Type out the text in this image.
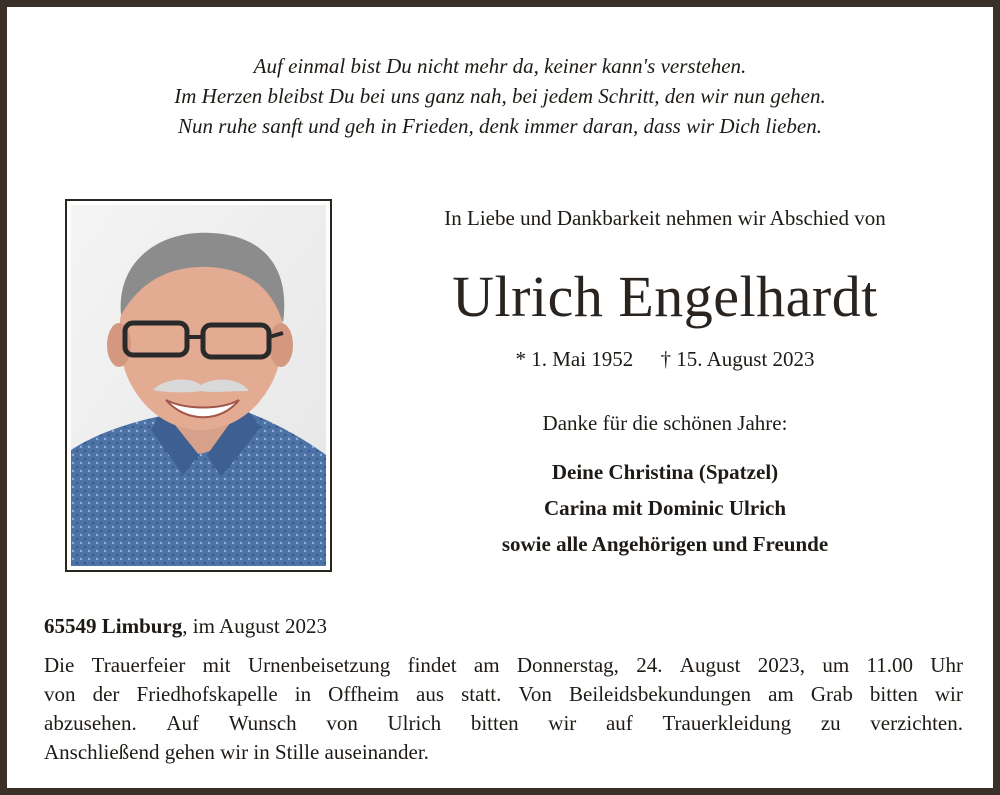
Auf einmal bist Du nicht mehr da, keiner kann's verstehen.
Im Herzen bleibst Du bei uns ganz nah, bei jedem Schritt, den wir nun gehen.
Nun ruhe sanft und geh in Frieden, denk immer daran, dass wir Dich lieben.
In Liebe und Dankbarkeit nehmen wir Abschied von
Ulrich Engelhardt
* 1. Mai 1952 † 15. August 2023
Danke für die schönen Jahre:
Deine Christina (Spatzel)
Carina mit Dominic Ulrich
sowie alle Angehörigen und Freunde
65549 Limburg, im August 2023
Die Trauerfeier mit Urnenbeisetzung findet am Donnerstag, 24. August 2023, um 11.00 Uhr
von der Friedhofskapelle in Offheim aus statt. Von Beileidsbekundungen am Grab bitten wir
abzusehen. Auf Wunsch von Ulrich bitten wir auf Trauerkleidung zu verzichten.
Anschließend gehen wir in Stille auseinander.
